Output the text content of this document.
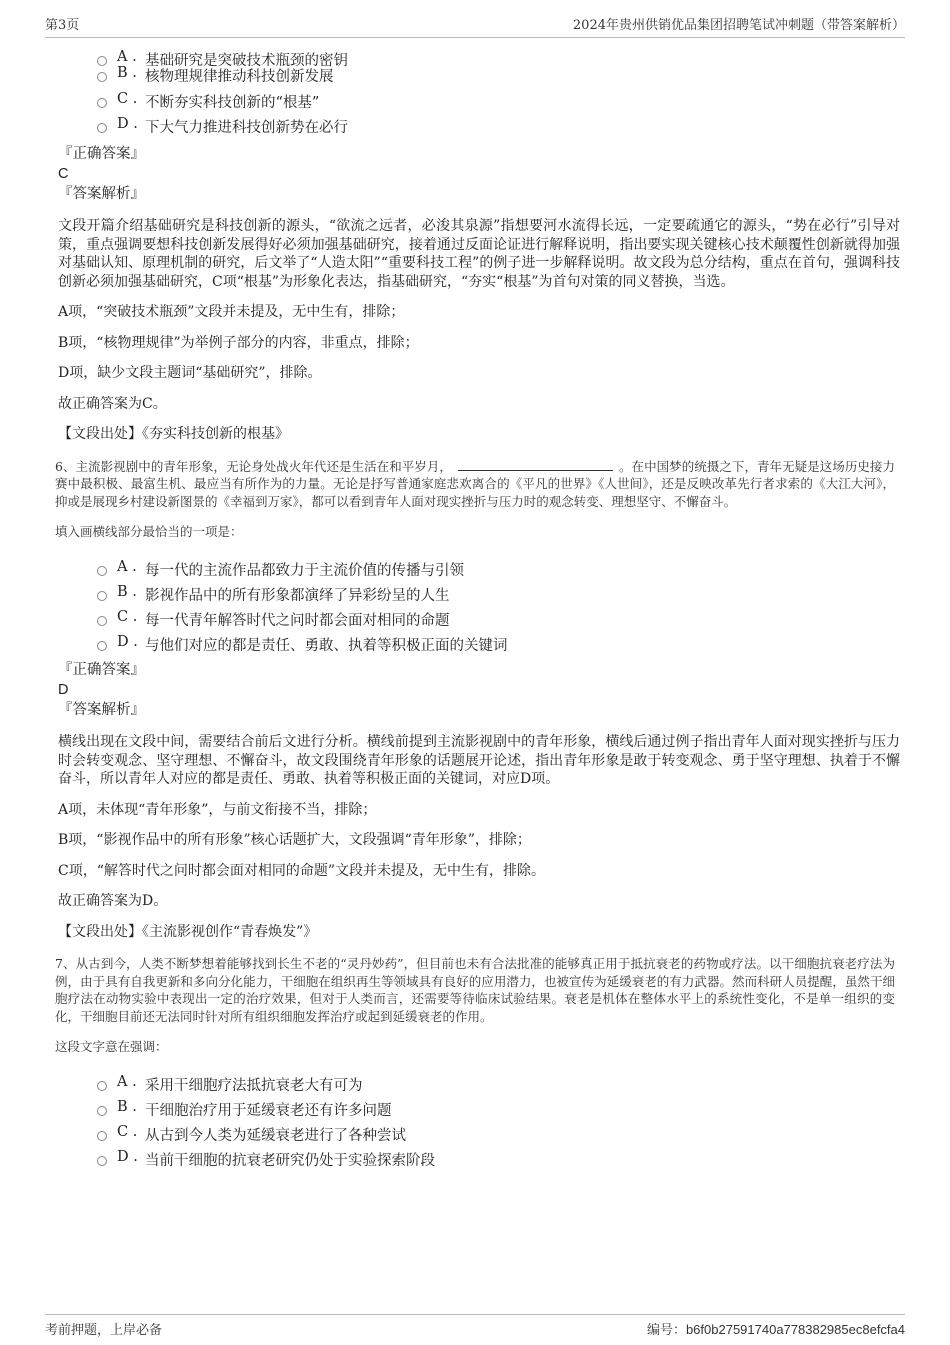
第3页	2024年贵州供销优品集团招聘笔试冲刺题（带答案解析）
A . 基础研究是突破技术瓶颈的密钥
B . 核物理规律推动科技创新发展
C . 不断夯实科技创新的“根基”
D . 下大气力推进科技创新势在必行
『正确答案』
C
『答案解析』
文段开篇介绍基础研究是科技创新的源头，“欲流之远者，必浚其泉源”指想要河水流得长远，一定要疏通它的源头，“势在必行”引导对策，重点强调要想科技创新发展得好必须加强基础研究，接着通过反面论证进行解释说明，指出要实现关键核心技术颠覆性创新就得加强对基础认知、原理机制的研究，后文举了“人造太阳”“重要科技工程”的例子进一步解释说明。故文段为总分结构，重点在首句，强调科技创新必须加强基础研究，C项“根基”为形象化表达，指基础研究，“夯实“根基”为首句对策的同义替换，当选。
A项，“突破技术瓶颈”文段并未提及，无中生有，排除；
B项，“核物理规律”为举例子部分的内容，非重点，排除；
D项，缺少文段主题词“基础研究”，排除。
故正确答案为C。
【文段出处】《夯实科技创新的根基》
6、主流影视剧中的青年形象，无论身处战火年代还是生活在和平岁月，	。在中国梦的统摄之下，青年无疑是这场历史接力赛中最积极、最富生机、最应当有所作为的力量。无论是抒写普通家庭悲欢离合的《平凡的世界》《人世间》，还是反映改革先行者求索的《大江大河》，抑或是展现乡村建设新图景的《幸福到万家》，都可以看到青年人面对现实挫折与压力时的观念转变、理想坚守、不懈奋斗。
填入画横线部分最恰当的一项是：
A . 每一代的主流作品都致力于主流价值的传播与引领
B . 影视作品中的所有形象都演绎了异彩纷呈的人生
C . 每一代青年解答时代之问时都会面对相同的命题
D . 与他们对应的都是责任、勇敢、执着等积极正面的关键词
『正确答案』
D
『答案解析』
横线出现在文段中间，需要结合前后文进行分析。横线前提到主流影视剧中的青年形象，横线后通过例子指出青年人面对现实挫折与压力时会转变观念、坚守理想、不懈奋斗，故文段围绕青年形象的话题展开论述，指出青年形象是敢于转变观念、勇于坚守理想、执着于不懈奋斗，所以青年人对应的都是责任、勇敢、执着等积极正面的关键词，对应D项。
A项，未体现“青年形象”，与前文衔接不当，排除；
B项，“影视作品中的所有形象”核心话题扩大，文段强调“青年形象”，排除；
C项，“解答时代之问时都会面对相同的命题”文段并未提及，无中生有，排除。
故正确答案为D。
【文段出处】《主流影视创作“青春焕发”》
7、从古到今，人类不断梦想着能够找到长生不老的“灵丹妙药”，但目前也未有合法批准的能够真正用于抵抗衰老的药物或疗法。以干细胞抗衰老疗法为例，由于具有自我更新和多向分化能力，干细胞在组织再生等领域具有良好的应用潜力，也被宣传为延缓衰老的有力武器。然而科研人员提醒，虽然干细胞疗法在动物实验中表现出一定的治疗效果，但对于人类而言，还需要等待临床试验结果。衰老是机体在整体水平上的系统性变化，不是单一组织的变化，干细胞目前还无法同时针对所有组织细胞发挥治疗或起到延缓衰老的作用。
这段文字意在强调：
A . 采用干细胞疗法抵抗衰老大有可为
B . 干细胞治疗用于延缓衰老还有许多问题
C . 从古到今人类为延缓衰老进行了各种尝试
D . 当前干细胞的抗衰老研究仍处于实验探索阶段
考前押题，上岸必备	编号：b6f0b27591740a778382985ec8efcfa4
